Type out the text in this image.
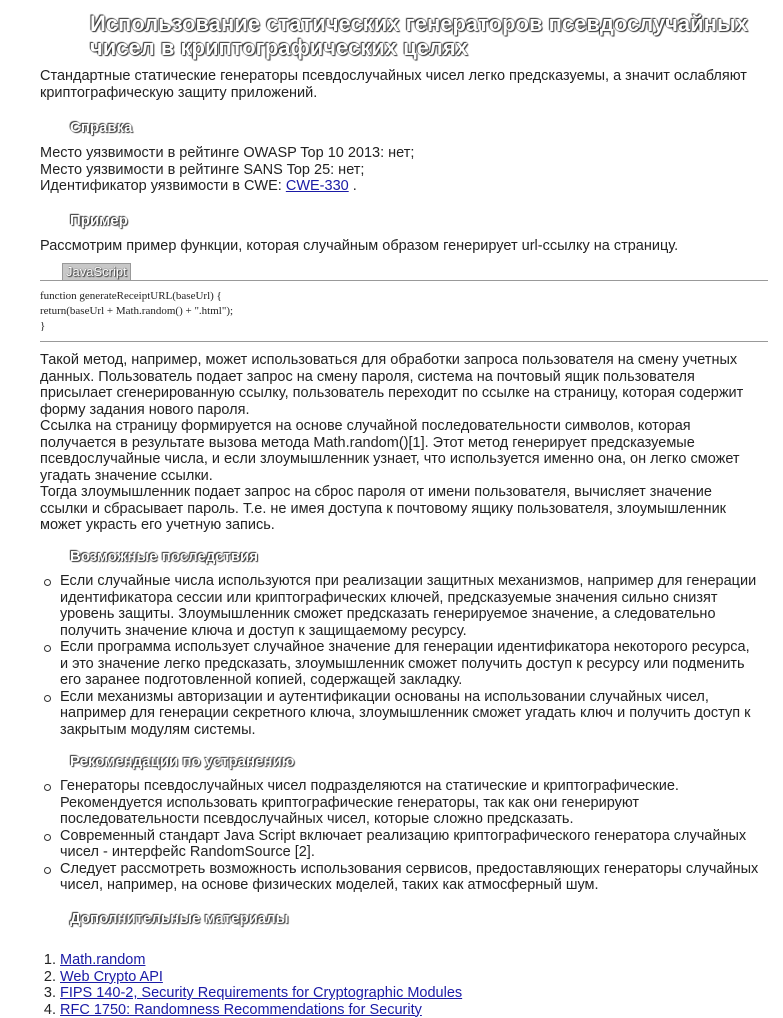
Использование статических генераторов псевдослучайных чисел в криптографических целях

Стандартные статические генераторы псевдослучайных чисел легко предсказуемы, а значит ослабляют криптографическую защиту приложений.

Справка
Место уязвимости в рейтинге OWASP Top 10 2013: нет;
Место уязвимости в рейтинге SANS Top 25: нет;
Идентификатор уязвимости в CWE: CWE-330 .
Пример

Рассмотрим пример функции, которая случайным образом генерирует url-ссылку на страницу.

JavaScript
function generateReceiptURL(baseUrl) {
return(baseUrl + Math.random() + ".html");
}
Такой метод, например, может использоваться для обработки запроса пользователя на смену учетных данных. Пользователь подает запрос на смену пароля, система на почтовый ящик пользователя присылает сгенерированную ссылку, пользователь переходит по ссылке на страницу, которая содержит форму задания нового пароля.
Ссылка на страницу формируется на основе случайной последовательности символов, которая получается в результате вызова метода Math.random()[1]. Этот метод генерирует предсказуемые псевдослучайные числа, и если злоумышленник узнает, что используется именно она, он легко сможет угадать значение ссылки.
Тогда злоумышленник подает запрос на сброс пароля от имени пользователя, вычисляет значение ссылки и сбрасывает пароль. Т.е. не имея доступа к почтовому ящику пользователя, злоумышленник может украсть его учетную запись.
Возможные последствия
Если случайные числа используются при реализации защитных механизмов, например для генерации идентификатора сессии или криптографических ключей, предсказуемые значения сильно снизят уровень защиты. Злоумышленник сможет предсказать генерируемое значение, а следовательно получить значение ключа и доступ к защищаемому ресурсу.
Если программа использует случайное значение для генерации идентификатора некоторого ресурса, и это значение легко предсказать, злоумышленник сможет получить доступ к ресурсу или подменить его заранее подготовленной копией, содержащей закладку.
Если механизмы авторизации и аутентификации основаны на использовании случайных чисел, например для генерации секретного ключа, злоумышленник сможет угадать ключ и получить доступ к закрытым модулям системы.
Рекомендации по устранению
Генераторы псевдослучайных чисел подразделяются на статические и криптографические. Рекомендуется использовать криптографические генераторы, так как они генерируют последовательности псевдослучайных чисел, которые сложно предсказать.
Современный стандарт Java Script включает реализацию криптографического генератора случайных чисел - интерфейс RandomSource [2].
Следует рассмотреть возможность использования сервисов, предоставляющих генераторы случайных чисел, например, на основе физических моделей, таких как атмосферный шум.
Дополнительные материалы
1. Math.random
2. Web Crypto API
3. FIPS 140-2, Security Requirements for Cryptographic Modules
4. RFC 1750: Randomness Recommendations for Security
